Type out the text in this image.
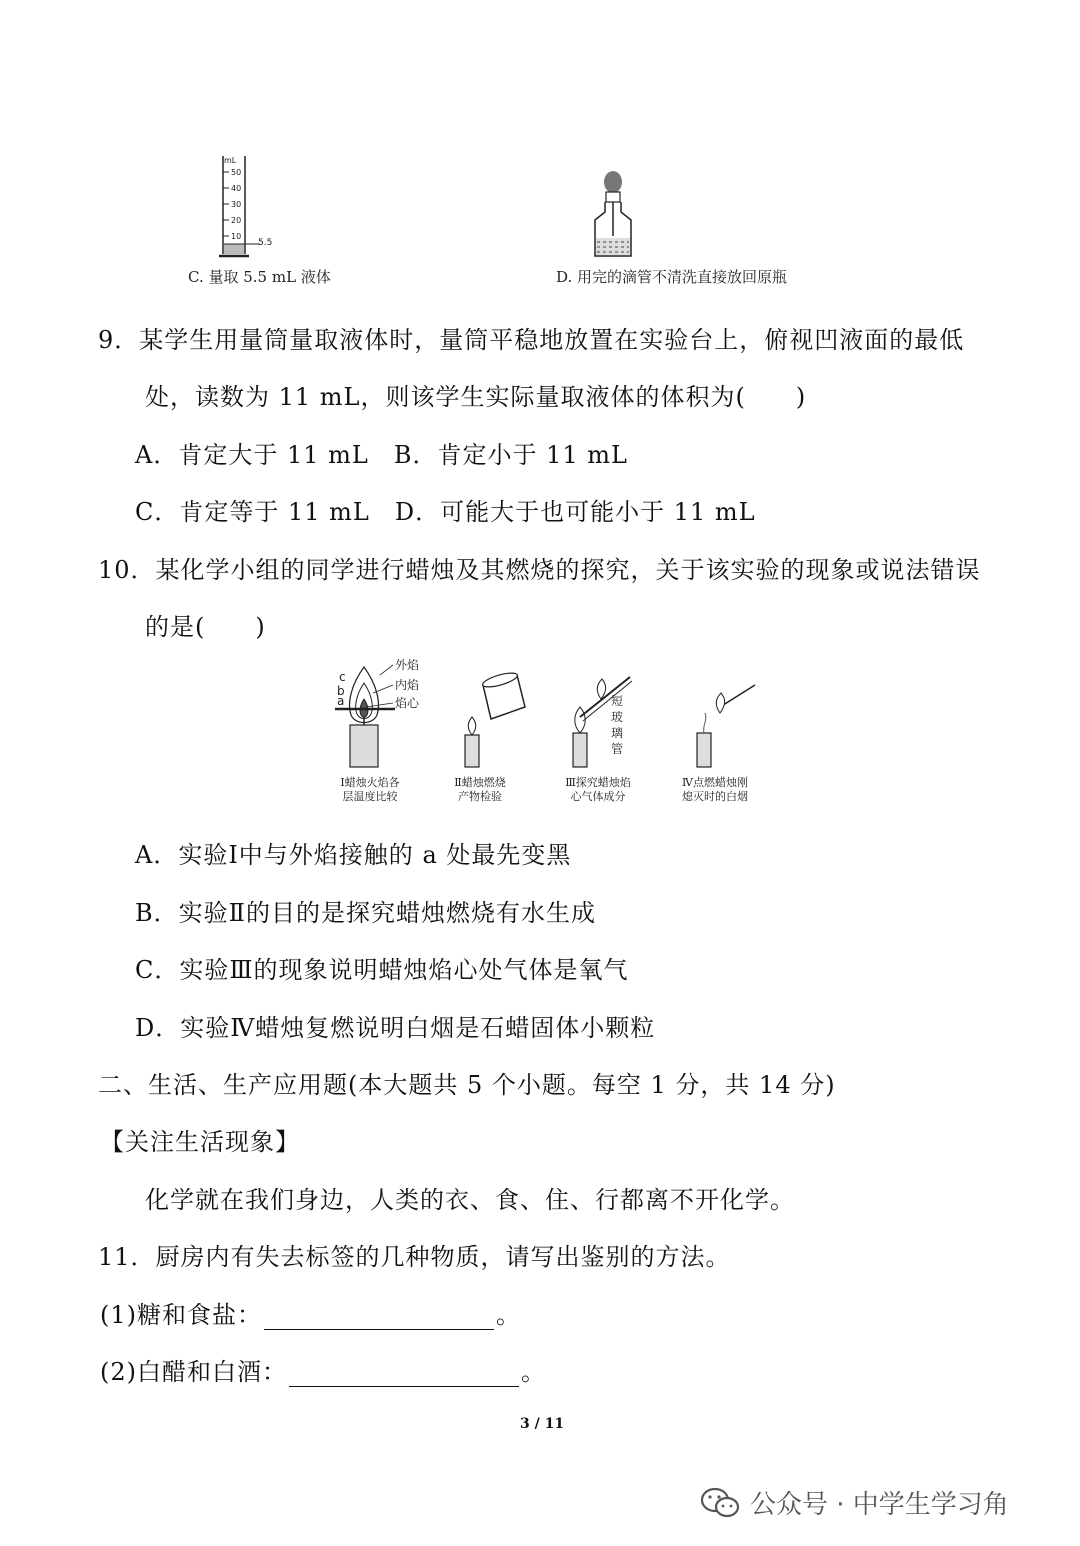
mL
50
40
30
20
10
5.5
C. 量取 5.5 mL 液体	D. 用完的滴管不清洗直接放回原瓶
9．某学生用量筒量取液体时，量筒平稳地放置在实验台上，俯视凹液面的最低
处，读数为 11 mL，则该学生实际量取液体的体积为(　　)
A．肯定大于 11 mL　B．肯定小于 11 mL
C．肯定等于 11 mL　D．可能大于也可能小于 11 mL
10．某化学小组的同学进行蜡烛及其燃烧的探究，关于该实验的现象或说法错误
的是(　　)
外焰
内焰
焰心
c
b
a	短
玻
璃
管
Ⅰ蜡烛火焰各
层温度比较
Ⅱ蜡烛燃烧
产物检验
Ⅲ探究蜡烛焰
心气体成分
Ⅳ点燃蜡烛刚
熄灭时的白烟
A．实验Ⅰ中与外焰接触的 a 处最先变黑
B．实验Ⅱ的目的是探究蜡烛燃烧有水生成
C．实验Ⅲ的现象说明蜡烛焰心处气体是氧气
D．实验Ⅳ蜡烛复燃说明白烟是石蜡固体小颗粒
二、生活、生产应用题(本大题共 5 个小题。每空 1 分，共 14 分)
【关注生活现象】
化学就在我们身边，人类的衣、食、住、行都离不开化学。
11．厨房内有失去标签的几种物质，请写出鉴别的方法。
(1)糖和食盐：	。
(2)白醋和白酒：	。
3 / 11
公众号 · 中学生学习角
